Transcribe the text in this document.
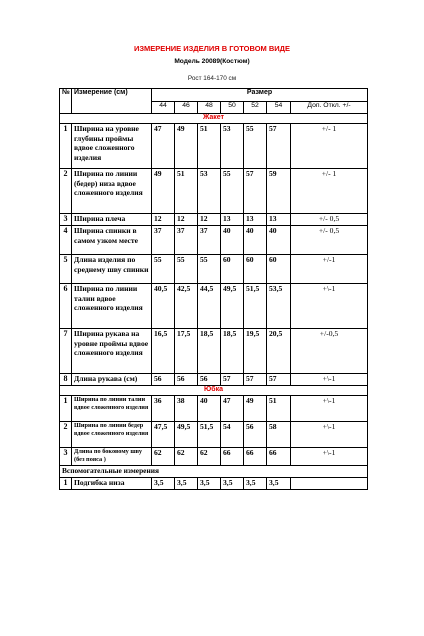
ИЗМЕРЕНИЕ ИЗДЕЛИЯ В ГОТОВОМ ВИДЕ
Модель 20089(Костюм)
Рост 164-170 см
№	Измерение (см)	Размер						
		44	46	48	50	52	54	Доп. Откл. +/-
Жакет								
1	Ширина на уровне глубины проймы вдвое сложенного изделия	47	49	51	53	55	57	+/- 1
2	Ширина по линии (бедер) низа вдвое сложенного изделия	49	51	53	55	57	59	+/- 1
3	Ширина плеча	12	12	12	13	13	13	+/- 0,5
4	Ширина спинки в самом узком месте	37	37	37	40	40	40	+/- 0,5
5	Длина изделия по среднему шву спинки	55	55	55	60	60	60	+/-1
6	Ширина по линии талии вдвое сложенного изделия	40,5	42,5	44,5	49,5	51,5	53,5	+\-1
7	Ширина рукава на уровне проймы вдвое сложенного изделия	16,5	17,5	18,5	18,5	19,5	20,5	+/-0,5
8	Длина рукава (см)	56	56	56	57	57	57	+\-1
Юбка								
1	Ширина по линии талии вдвое сложенного изделия	36	38	40	47	49	51	+\-1
2	Ширина по линии бедер вдвое сложенного изделия	47,5	49,5	51,5	54	56	58	+\-1
3	Длина по боковому шву (без пояса )	62	62	62	66	66	66	+\-1
Вспомогательные измерения								
1	Подгибка низа	3,5	3,5	3,5	3,5	3,5	3,5	
